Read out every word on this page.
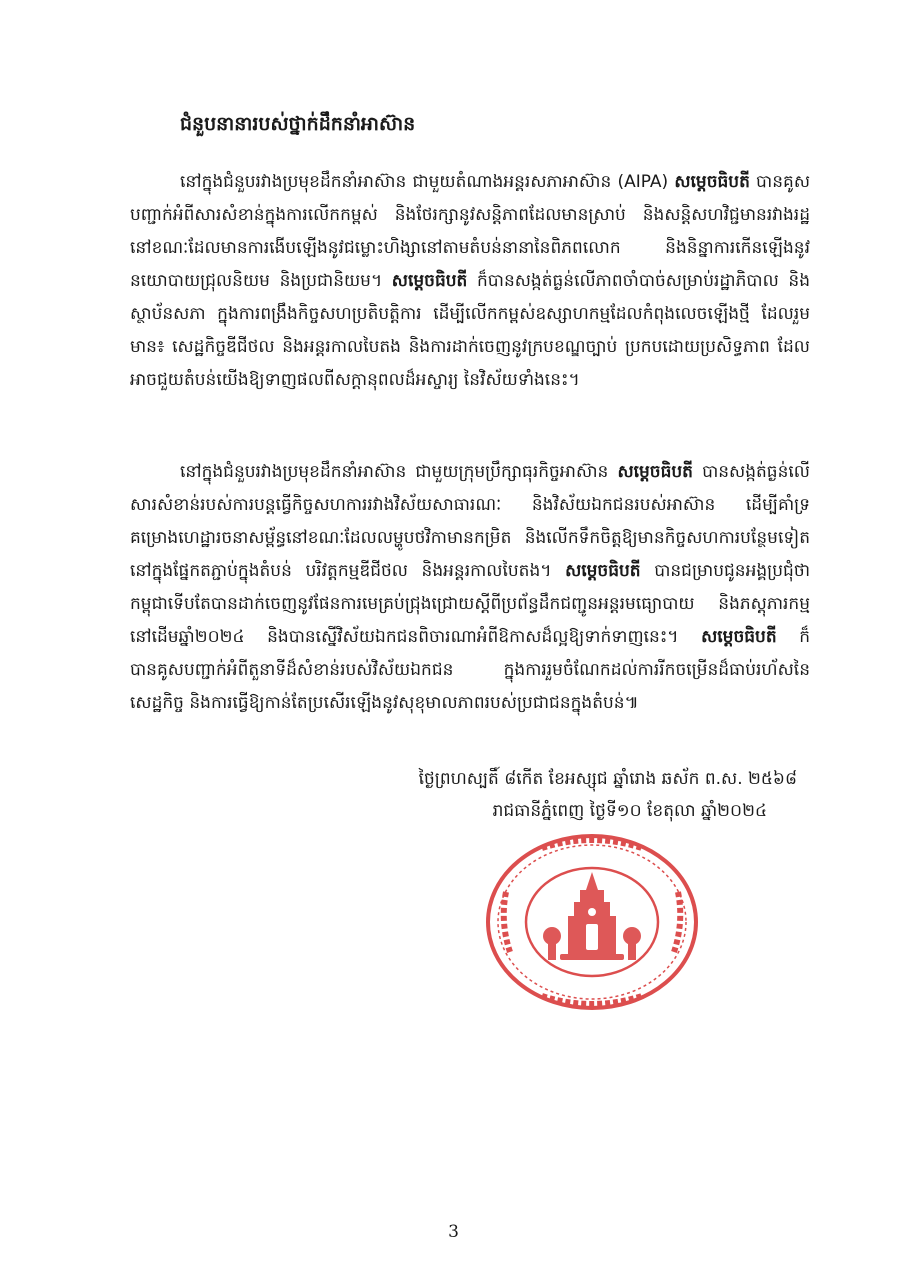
ជំនួបនានារបស់ថ្នាក់ដឹកនាំអាស៊ាន

នៅក្នុងជំនួបរវាងប្រមុខដឹកនាំអាស៊ាន ជាមួយតំណាងអន្តរសភាអាស៊ាន (AIPA) សម្តេចធិបតី បានគូសបញ្ជាក់អំពីសារសំខាន់ក្នុងការលើកកម្ពស់ និងថែរក្សានូវសន្តិភាពដែលមានស្រាប់ និងសន្តិសហវិជ្ជមានរវាងរដ្ឋ នៅខណៈដែលមានការងើបឡើងនូវជម្លោះហិង្សានៅតាមតំបន់នានានៃពិភពលោក និងនិន្នាការកើនឡើងនូវនយោបាយជ្រុលនិយម និងប្រជានិយម។ សម្តេចធិបតី ក៏បានសង្កត់ធ្ងន់លើភាពចាំបាច់សម្រាប់រដ្ឋាភិបាល និងស្ថាប័នសភា ក្នុងការពង្រឹងកិច្ចសហប្រតិបត្តិការ ដើម្បីលើកកម្ពស់ឧស្សាហកម្មដែលកំពុងលេចឡើងថ្មី ដែលរួមមាន៖ សេដ្ឋកិច្ចឌីជីថល និងអន្តរកាលបៃតង និងការដាក់ចេញនូវក្របខណ្ឌច្បាប់ ប្រកបដោយប្រសិទ្ធភាព ដែលអាចជួយតំបន់យើងឱ្យទាញផលពីសក្តានុពលដ៏អស្ចារ្យ នៃវិស័យទាំងនេះ។

នៅក្នុងជំនួបរវាងប្រមុខដឹកនាំអាស៊ាន ជាមួយក្រុមប្រឹក្សាធុរកិច្ចអាស៊ាន សម្តេចធិបតី បានសង្កត់ធ្ងន់លើសារសំខាន់របស់ការបន្តធ្វើកិច្ចសហការរវាងវិស័យសាធារណៈ និងវិស័យឯកជនរបស់អាស៊ាន ដើម្បីគាំទ្រគម្រោងហេដ្ឋារចនាសម្ព័ន្ធនៅខណៈដែលលម្ហូបថវិកាមានកម្រិត និងលើកទឹកចិត្តឱ្យមានកិច្ចសហការបន្ថែមទៀតនៅក្នុងផ្នែកតភ្ជាប់ក្នុងតំបន់ បរិវត្តកម្មឌីជីថល និងអន្តរកាលបៃតង។ សម្តេចធិបតី បានជម្រាបជូនអង្គប្រជុំថា កម្ពុជាទើបតែបានដាក់ចេញនូវផែនការមេគ្រប់ជ្រុងជ្រោយស្តីពីប្រព័ន្ធដឹកជញ្ជូនអន្តរមធ្យោបាយ និងភស្តុភារកម្ម នៅដើមឆ្នាំ២០២៤ និងបានស្នើវិស័យឯកជនពិចារណាអំពីឱកាសដ៏ល្អឱ្យទាក់ទាញនេះ។ សម្តេចធិបតី ក៏បានគូសបញ្ជាក់អំពីតួនាទីដ៏សំខាន់របស់វិស័យឯកជន ក្នុងការរួមចំណែកដល់ការរីកចម្រើនដ៏ធាប់រហ័សនៃសេដ្ឋកិច្ច និងការធ្វើឱ្យកាន់តែប្រសើរឡើងនូវសុខុមាលភាពរបស់ប្រជាជនក្នុងតំបន់៕

ថ្ងៃព្រហស្បតិ៍ ៨កើត ខែអស្សុជ ឆ្នាំរោង ឆស័ក ព.ស. ២៥៦៨
រាជធានីភ្នំពេញ ថ្ងៃទី១០ ខែតុលា ឆ្នាំ២០២៤
3
